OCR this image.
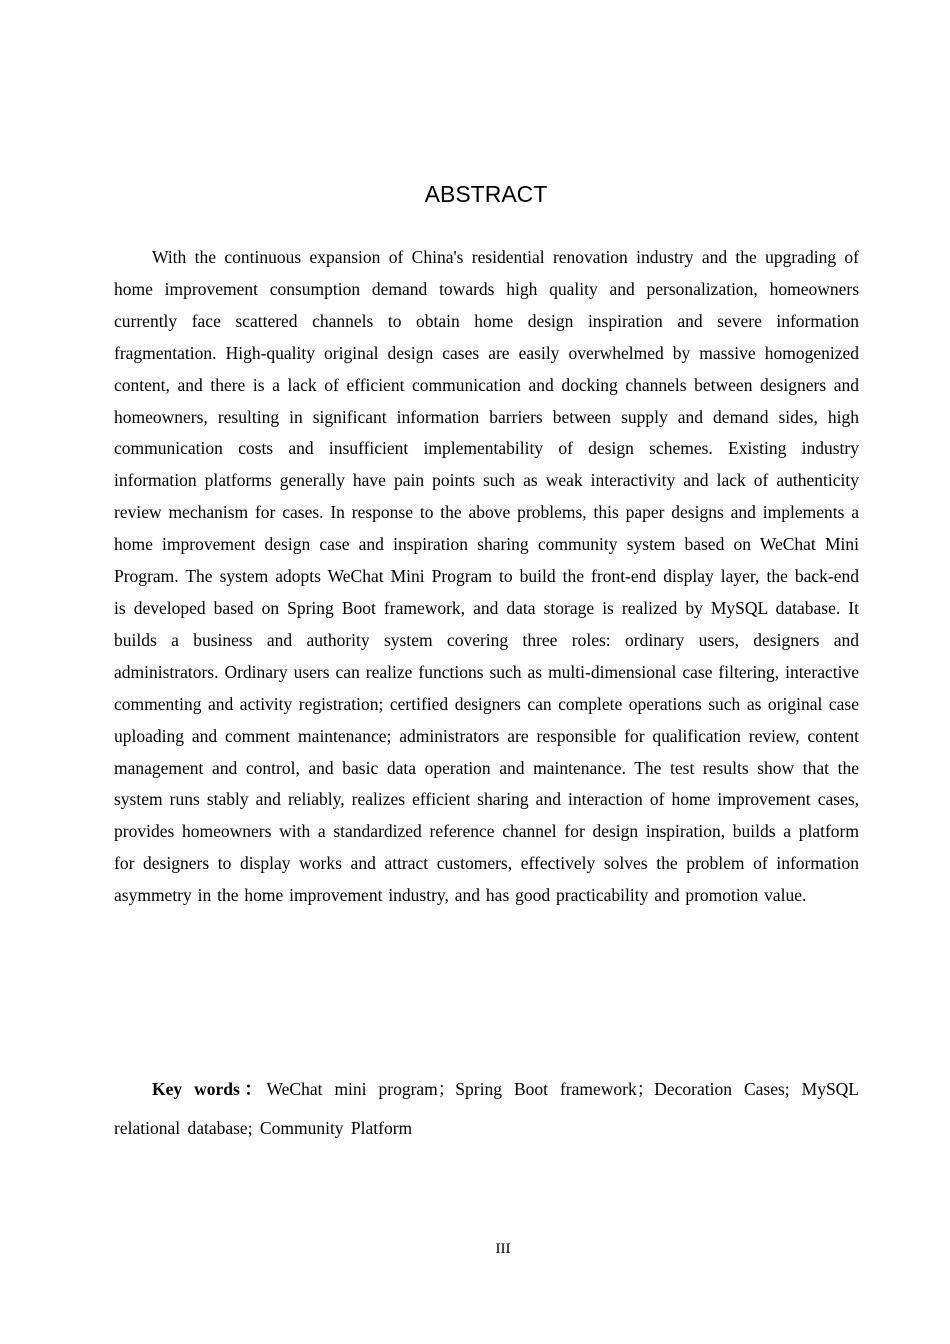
ABSTRACT

With the continuous expansion of China's residential renovation industry and the upgrading of home improvement consumption demand towards high quality and personalization, homeowners currently face scattered channels to obtain home design inspiration and severe information fragmentation. High-quality original design cases are easily overwhelmed by massive homogenized content, and there is a lack of efficient communication and docking channels between designers and homeowners, resulting in significant information barriers between supply and demand sides, high communication costs and insufficient implementability of design schemes. Existing industry information platforms generally have pain points such as weak interactivity and lack of authenticity review mechanism for cases. In response to the above problems, this paper designs and implements a home improvement design case and inspiration sharing community system based on WeChat Mini Program. The system adopts WeChat Mini Program to build the front-end display layer, the back-end is developed based on Spring Boot framework, and data storage is realized by MySQL database. It builds a business and authority system covering three roles: ordinary users, designers and administrators. Ordinary users can realize functions such as multi-dimensional case filtering, interactive commenting and activity registration; certified designers can complete operations such as original case uploading and comment maintenance; administrators are responsible for qualification review, content management and control, and basic data operation and maintenance. The test results show that the system runs stably and reliably, realizes efficient sharing and interaction of home improvement cases, provides homeowners with a standardized reference channel for design inspiration, builds a platform for designers to display works and attract customers, effectively solves the problem of information asymmetry in the home improvement industry, and has good practicability and promotion value.

Key words：WeChat mini program；Spring Boot framework；Decoration Cases; MySQL relational database; Community Platform

III
